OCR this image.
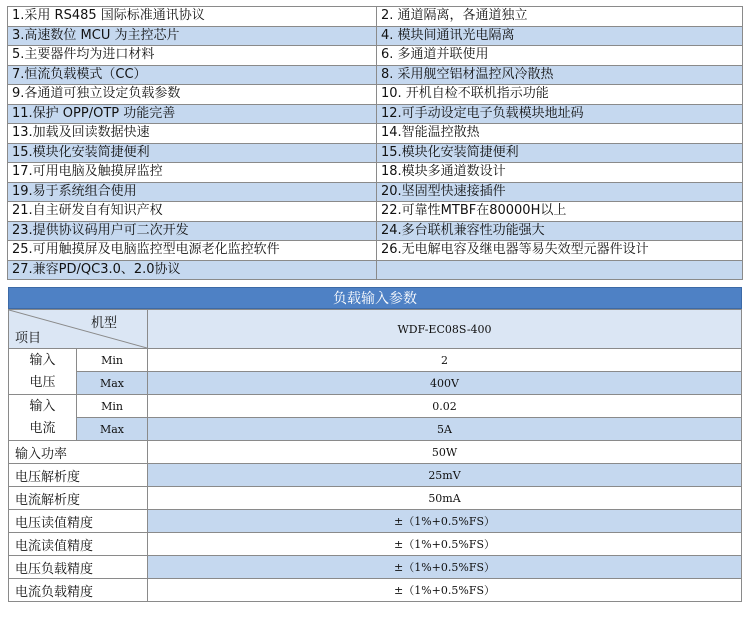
1.采用 RS485 国际标准通讯协议	2. 通道隔离，各通道独立
3.高速数位 MCU 为主控芯片	4. 模块间通讯光电隔离
5.主要器件均为进口材料	6. 多通道并联使用
7.恒流负载模式（CC）	8. 采用舰空铝材温控风冷散热
9.各通道可独立设定负载参数	10. 开机自检不联机指示功能
11.保护 OPP/OTP 功能完善	12.可手动设定电子负载模块地址码
13.加载及回读数据快速	14.智能温控散热
15.模块化安装简捷便利	15.模块化安装简捷便利
17.可用电脑及触摸屏监控	18.模块多通道数设计
19.易于系统组合使用	20.坚固型快速接插件
21.自主研发自有知识产权	22.可靠性MTBF在80000H以上
23.提供协议码用户可二次开发	24.多台联机兼容性功能强大
25.可用触摸屏及电脑监控型电源老化监控软件	26.无电解电容及继电器等易失效型元器件设计
27.兼容PD/QC3.0、2.0协议	
负载输入参数
机型
项目		WDF-EC08S-400
输入
电压	Min	2
	Max	400V
输入
电流	Min	0.02
	Max	5A
输入功率		50W
电压解析度		25mV
电流解析度		50mA
电压读值精度		±（1%+0.5%FS）
电流读值精度		±（1%+0.5%FS）
电压负载精度		±（1%+0.5%FS）
电流负载精度		±（1%+0.5%FS）
